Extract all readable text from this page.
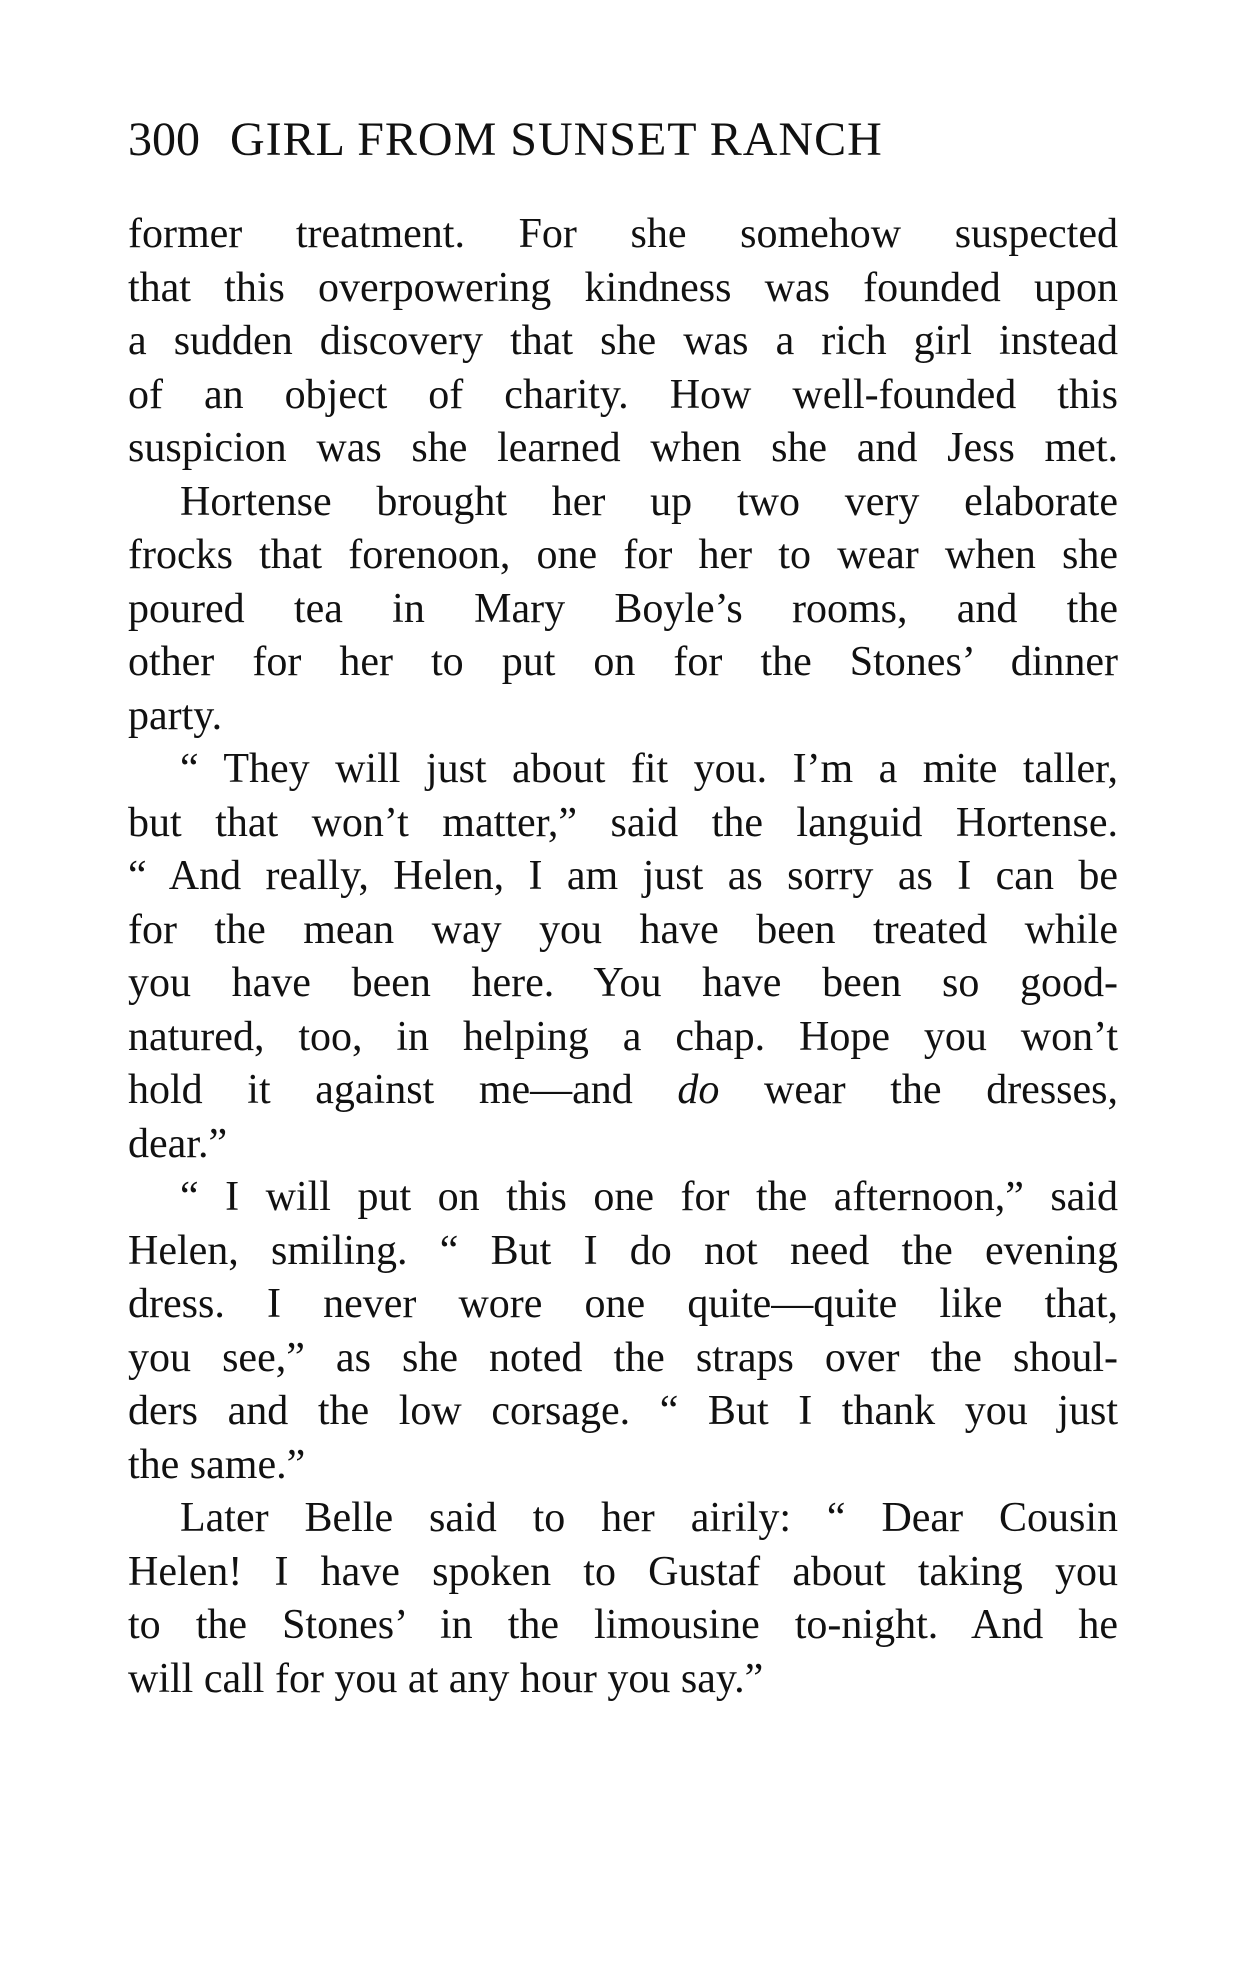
300 GIRL FROM SUNSET RANCH
former treatment. For she somehow suspected
that this overpowering kindness was founded upon
a sudden discovery that she was a rich girl instead
of an object of charity. How well-founded this
suspicion was she learned when she and Jess met.
Hortense brought her up two very elaborate
frocks that forenoon, one for her to wear when she
poured tea in Mary Boyle’s rooms, and the
other for her to put on for the Stones’ dinner
party.
“ They will just about fit you. I’m a mite taller,
but that won’t matter,” said the languid Hortense.
“ And really, Helen, I am just as sorry as I can be
for the mean way you have been treated while
you have been here. You have been so good-
natured, too, in helping a chap. Hope you won’t
hold it against me—and do wear the dresses,
dear.”
“ I will put on this one for the afternoon,” said
Helen, smiling. “ But I do not need the evening
dress. I never wore one quite—quite like that,
you see,” as she noted the straps over the shoul-
ders and the low corsage. “ But I thank you just
the same.”
Later Belle said to her airily: “ Dear Cousin
Helen! I have spoken to Gustaf about taking you
to the Stones’ in the limousine to-night. And he
will call for you at any hour you say.”
